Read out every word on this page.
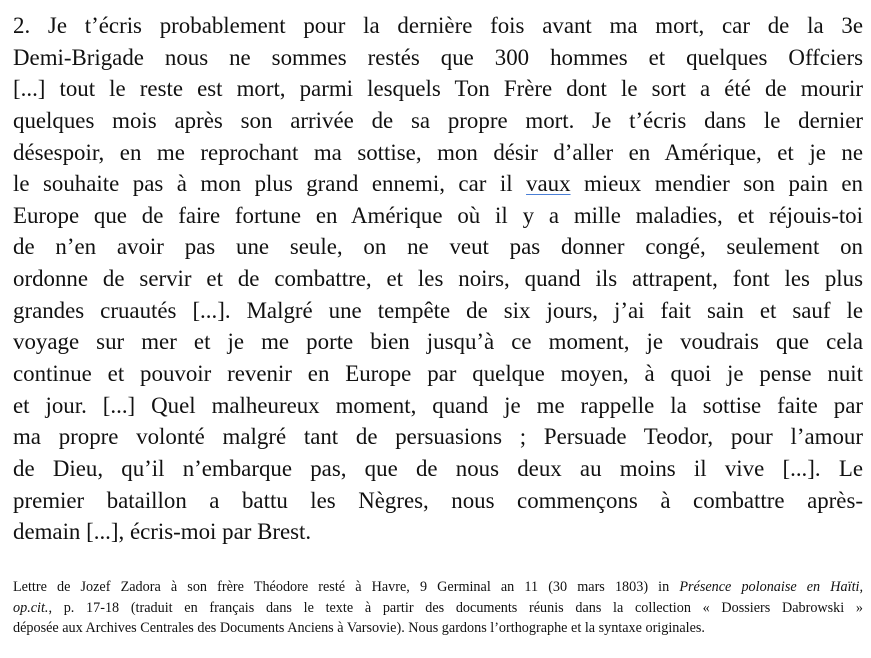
2. Je t’écris probablement pour la dernière fois avant ma mort, car de la 3e
Demi-Brigade nous ne sommes restés que 300 hommes et quelques Offciers
[...] tout le reste est mort, parmi lesquels Ton Frère dont le sort a été de mourir
quelques mois après son arrivée de sa propre mort. Je t’écris dans le dernier
désespoir, en me reprochant ma sottise, mon désir d’aller en Amérique, et je ne
le souhaite pas à mon plus grand ennemi, car il vaux mieux mendier son pain en
Europe que de faire fortune en Amérique où il y a mille maladies, et réjouis-toi
de n’en avoir pas une seule, on ne veut pas donner congé, seulement on
ordonne de servir et de combattre, et les noirs, quand ils attrapent, font les plus
grandes cruautés [...]. Malgré une tempête de six jours, j’ai fait sain et sauf le
voyage sur mer et je me porte bien jusqu’à ce moment, je voudrais que cela
continue et pouvoir revenir en Europe par quelque moyen, à quoi je pense nuit
et jour. [...] Quel malheureux moment, quand je me rappelle la sottise faite par
ma propre volonté malgré tant de persuasions ; Persuade Teodor, pour l’amour
de Dieu, qu’il n’embarque pas, que de nous deux au moins il vive [...]. Le
premier bataillon a battu les Nègres, nous commençons à combattre après-
demain [...], écris-moi par Brest.
Lettre de Jozef Zadora à son frère Théodore resté à Havre, 9 Germinal an 11 (30 mars 1803) in Présence polonaise en Haïti,
op.cit., p. 17-18 (traduit en français dans le texte à partir des documents réunis dans la collection « Dossiers Dabrowski »
déposée aux Archives Centrales des Documents Anciens à Varsovie). Nous gardons l’orthographe et la syntaxe originales.
